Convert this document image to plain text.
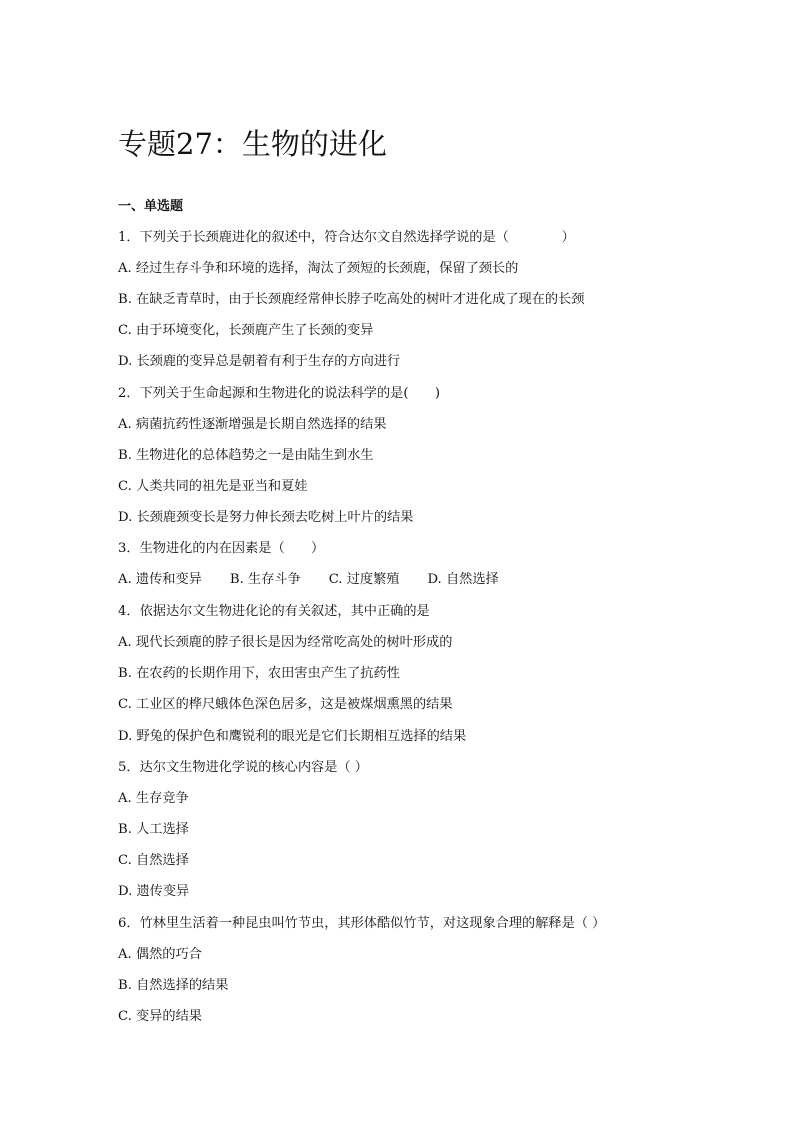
专题27：生物的进化
一、单选题
1．下列关于长颈鹿进化的叙述中，符合达尔文自然选择学说的是（　　　　）
A. 经过生存斗争和环境的选择，淘汰了颈短的长颈鹿，保留了颈长的
B. 在缺乏青草时，由于长颈鹿经常伸长脖子吃高处的树叶才进化成了现在的长颈
C. 由于环境变化，长颈鹿产生了长颈的变异
D. 长颈鹿的变异总是朝着有利于生存的方向进行
2．下列关于生命起源和生物进化的说法科学的是(　　)
A. 病菌抗药性逐渐增强是长期自然选择的结果
B. 生物进化的总体趋势之一是由陆生到水生
C. 人类共同的祖先是亚当和夏娃
D. 长颈鹿颈变长是努力伸长颈去吃树上叶片的结果
3．生物进化的内在因素是（　　）
A. 遗传和变异 B. 生存斗争 C. 过度繁殖 D. 自然选择
4．依据达尔文生物进化论的有关叙述，其中正确的是
A. 现代长颈鹿的脖子很长是因为经常吃高处的树叶形成的
B. 在农药的长期作用下，农田害虫产生了抗药性
C. 工业区的桦尺蛾体色深色居多，这是被煤烟熏黑的结果
D. 野兔的保护色和鹰锐利的眼光是它们长期相互选择的结果
5．达尔文生物进化学说的核心内容是（ ）
A. 生存竞争
B. 人工选择
C. 自然选择
D. 遗传变异
6．竹林里生活着一种昆虫叫竹节虫，其形体酷似竹节，对这现象合理的解释是（ ）
A. 偶然的巧合
B. 自然选择的结果
C. 变异的结果
